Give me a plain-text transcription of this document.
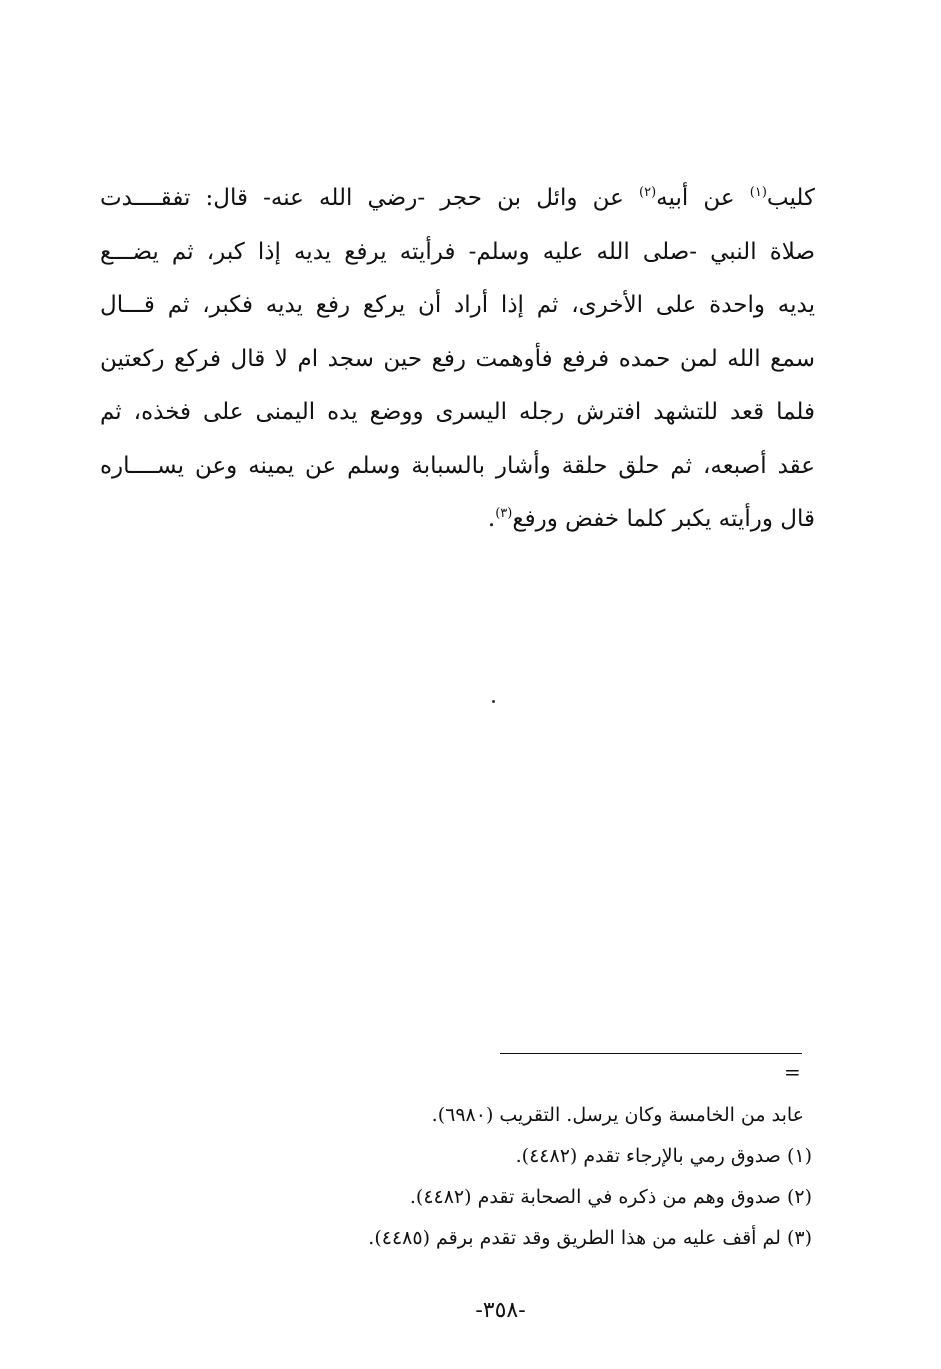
كليب$^{(١)}$ عن أبيه$^{(٢)}$ عن وائل بن حجر -رضي الله عنه- قال: تفقــــدت
صلاة النبي -صلى الله عليه وسلم- فرأيته يرفع يديه إذا كبر، ثم يضـــع
يديه واحدة على الأخرى، ثم إذا أراد أن يركع رفع يديه فكبر، ثم قـــال
سمع الله لمن حمده فرفع فأوهمت رفع حين سجد ام لا قال فركع ركعتين
فلما قعد للتشهد افترش رجله اليسرى ووضع يده اليمنى على فخذه، ثم
عقد أصبعه، ثم حلق حلقة وأشار بالسبابة وسلم عن يمينه وعن يســــاره
قال ورأيته يكبر كلما خفض ورفع$^{(٣)}$.
=
عابد من الخامسة وكان يرسل. التقريب (٦٩٨٠).
(١) صدوق رمي بالإرجاء تقدم (٤٤٨٢).
(٢) صدوق وهم من ذكره في الصحابة تقدم (٤٤٨٢).
(٣) لم أقف عليه من هذا الطريق وقد تقدم برقم (٤٤٨٥).
-٣٥٨-
